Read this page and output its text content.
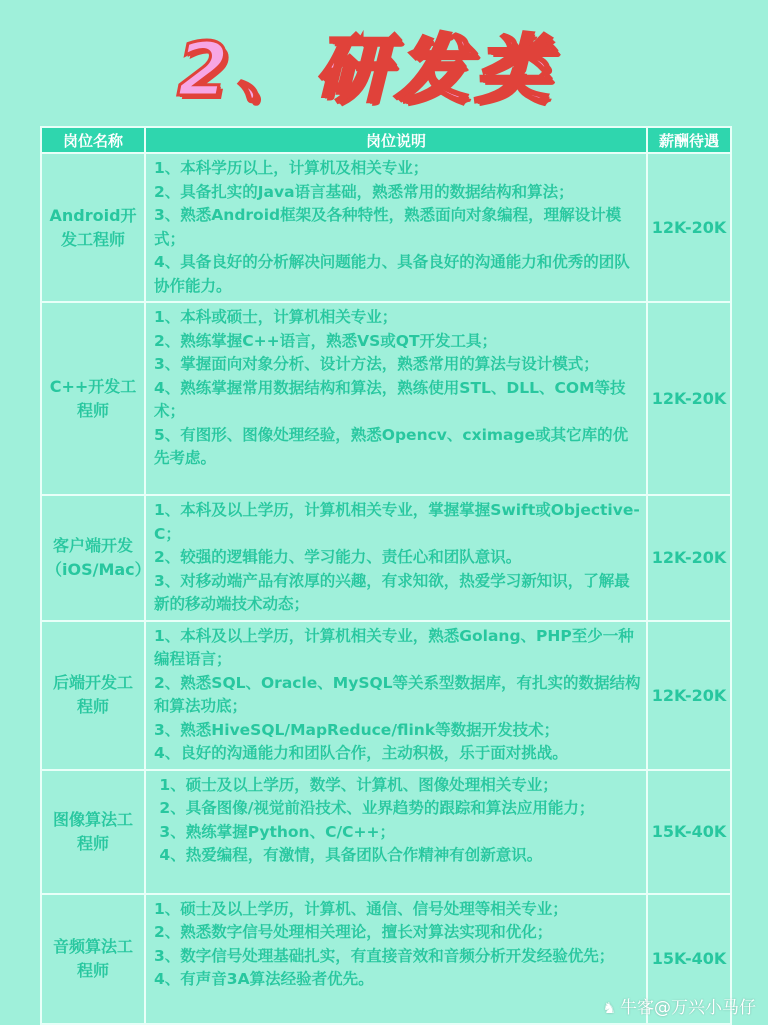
2、研发类
岗位名称	岗位说明	薪酬待遇
Android开发工程师	1、本科学历以上，计算机及相关专业；
2、具备扎实的Java语言基础，熟悉常用的数据结构和算法；
3、熟悉Android框架及各种特性，熟悉面向对象编程，理解设计模式；
4、具备良好的分析解决问题能力、具备良好的沟通能力和优秀的团队协作能力。	12K-20K
C++开发工程师	1、本科或硕士，计算机相关专业；
2、熟练掌握C++语言，熟悉VS或QT开发工具；
3、掌握面向对象分析、设计方法，熟悉常用的算法与设计模式；
4、熟练掌握常用数据结构和算法，熟练使用STL、DLL、COM等技术；
5、有图形、图像处理经验，熟悉Opencv、cximage或其它库的优先考虑。	12K-20K
客户端开发（iOS/Mac）	1、本科及以上学历，计算机相关专业，掌握掌握Swift或Objective-C；
2、较强的逻辑能力、学习能力、责任心和团队意识。
3、对移动端产品有浓厚的兴趣，有求知欲，热爱学习新知识，了解最新的移动端技术动态；	12K-20K
后端开发工程师	1、本科及以上学历，计算机相关专业，熟悉Golang、PHP至少一种编程语言；
2、熟悉SQL、Oracle、MySQL等关系型数据库，有扎实的数据结构和算法功底；
3、熟悉HiveSQL/MapReduce/flink等数据开发技术；
4、良好的沟通能力和团队合作，主动积极，乐于面对挑战。	12K-20K
图像算法工程师	1、硕士及以上学历，数学、计算机、图像处理相关专业；
2、具备图像/视觉前沿技术、业界趋势的跟踪和算法应用能力；
3、熟练掌握Python、C/C++；
4、热爱编程，有激情，具备团队合作精神有创新意识。	15K-40K
音频算法工程师	1、硕士及以上学历，计算机、通信、信号处理等相关专业；
2、熟悉数字信号处理相关理论，擅长对算法实现和优化；
3、数字信号处理基础扎实，有直接音效和音频分析开发经验优先；
4、有声音3A算法经验者优先。	15K-40K
♞ 牛客@万兴小马仔
